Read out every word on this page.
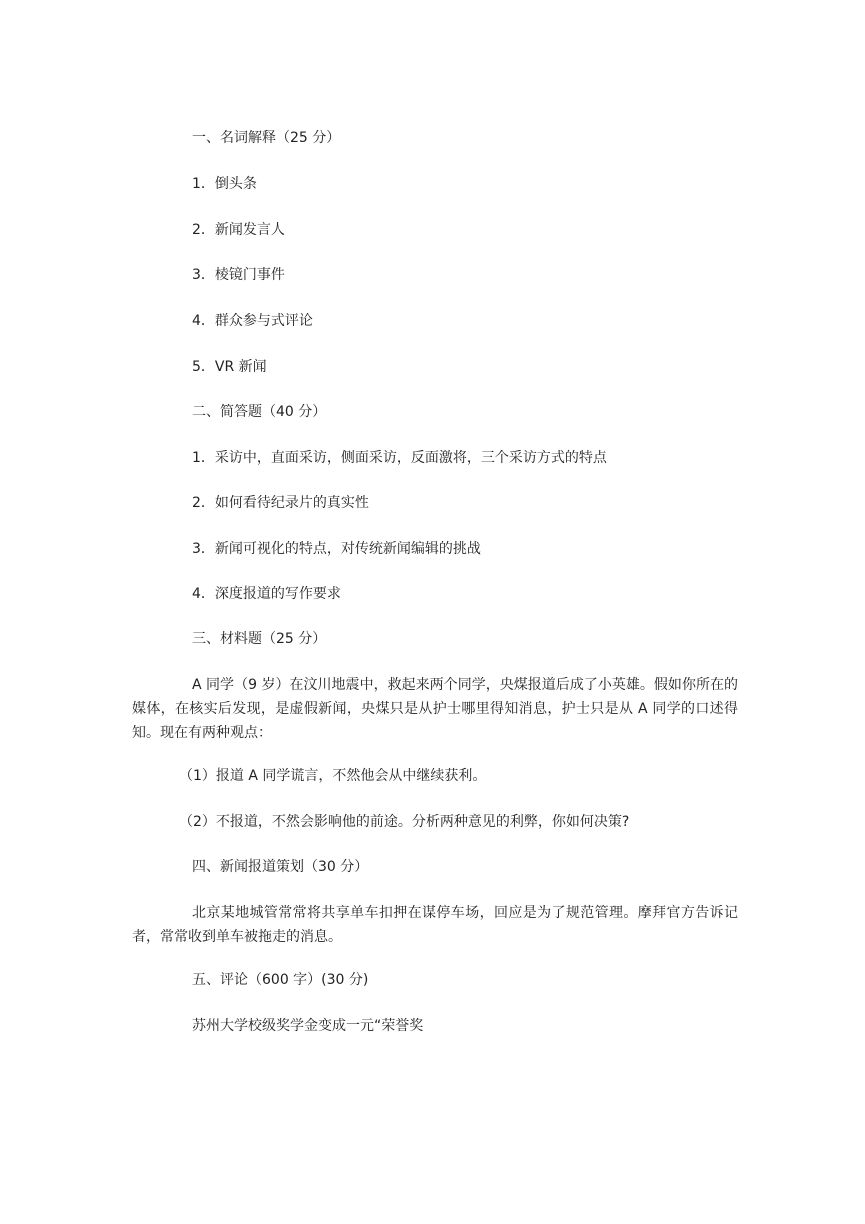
一、名词解释（25 分）
1．倒头条
2．新闻发言人
3．棱镜门事件
4．群众参与式评论
5．VR 新闻
二、简答题（40 分）
1．采访中，直面采访，侧面采访，反面激将，三个采访方式的特点
2．如何看待纪录片的真实性
3．新闻可视化的特点，对传统新闻编辑的挑战
4．深度报道的写作要求
三、材料题（25 分）
A 同学（9 岁）在汶川地震中，救起来两个同学，央煤报道后成了小英雄。假如你所在的媒体，在核实后发现，是虚假新闻，央煤只是从护士哪里得知消息，护士只是从 A 同学的口述得知。现在有两种观点：
（1）报道 A 同学谎言，不然他会从中继续获利。
（2）不报道，不然会影响他的前途。分析两种意见的利弊，你如何决策?
四、新闻报道策划（30 分）
北京某地城管常常将共享单车扣押在谋停车场，回应是为了规范管理。摩拜官方告诉记者，常常收到单车被拖走的消息。
五、评论（600 字）(30 分)
苏州大学校级奖学金变成一元“荣誉奖
